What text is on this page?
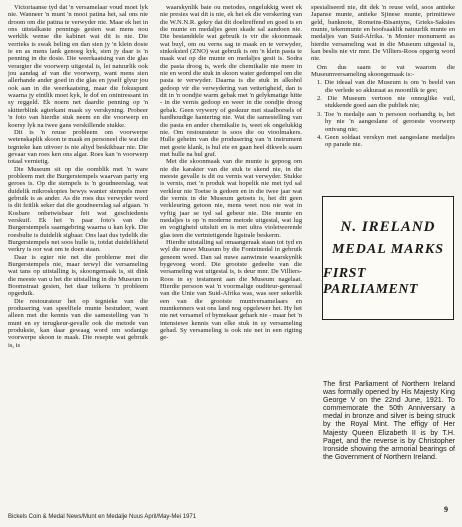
Victoriaanse tyd dat 'n versamelaar voud moet lyk nie. Wanneer 'n munt 'n mooi patina het, sal ons nie droom om die patina te verwyder nie. Maar ek het in ons uitstalkaste pennings gesien wat mens nou werklik wense die kabinet wat dit is nie. Die verrieks is swak beling en dan sien jy 'n klein dosie ie en as mens lank genoeg kyk, sien jy daar is 'n penning in die dosie. Die weerkaatsing van die glas verargter die voorwerp uitgestal is, lei natuurlik ook jou aandag af van die voorwerp, want mens sien allerhande ander goed in die glas en jyself glyur jou ook aan in die weerkaatsing, maar die fokuspunt waarna jy eintlik moet kyk, le dof en onintressant in sy reggeld. Ek noem net daardie penning op 'n skitterblink agterkant maak sy verskyning. Probeer 'n foto van hierdie stuk neem en die voorwerp en koersy lyk na twee gans verskillende stukke.

Dit is 'n reuse probleem om voorwerpe wetenskaplik skoon te maak en personeel die wat die tegnieke kan uitvoer is nie altyd beskikbaar nie. Die gevaar van roes ken ons algar. Roes kan 'n voorwerp totaal vernietig.

Die Museum sit op die oomblik met 'n ware probleem met die Burgerstempels waarvan party erg geroes is. Op die stempels is 'n goudneerslag, wat duidelik mikroskopies bewys wanter stempels meer gebruik is as ander. As die roes dus verwyder word is dit feitlik seker dat die goudneerslag sal afgaan. 'n Kosbare onbetwisbaar feit wat geschiedenis verskuif. Ek het 'n paar foto's van die Burgerstempels saamgebring waarna u kan kyk. Die roesbulte is duidelik sigbaar. Ons laat dus tydelik die Burgerstempels net soos hulle is, totdat duidelikheid verkry is oor wat om te doen staan.

Daar is egter nie net die probleme met die Burgerstempels nie, maar terwyl die versameling wat tans op uitstalling is, skoongemaak is, sit dink die meeste van u het die uitstalling in die Museum in Boomstraat gesien, het daar telkens 'n probleem opgeduik.

Die restourateur het op tegnieke van die produsering van speelfiele munte bestudeer, want alleen met die kennis van die samestelling van 'n munt en sy terugkeur-gevalle ook die metode van produksie, kan daar gewaag word om sodanige voorwerpe skoon te maak. Die resepte wat gebruik is, is

waarskynlik baie ou metodes, ongelukkig weet ek nie presies wat dit is nie, ek het ek die verskering van die W.N.N.R. gekry dat dit doeltreffend en goed is en die munte en medaljes geen skade sal aandoen nie. Die bestanddele wat gebruik is vir die skoonmaak wat buyl, om ou verns sag te maak en te verwyder, sinkoksied (ZNO) wat gebruik is om 'n klein pasta te maak wat op die munte en medaljes gesit is. Sodra die pasta droog is, werk die chemikalie nie meer in nie en word die stuk in skoon water gedompel om die pasta te verwyder. Daarna is die stuk in alkohol gedoop vir die verwydering van vetterigheid, dan is dit in 'n oondjie warm gebak met 'n gelykmatige hitte - in die vernis gedoop en weer in die oondjie droog gebak. Geen vrywery of geskuur met staalborsels of hardhoudige hantering nie. Wat die samestelling van die pasta en ander chemikalie is, weet ek ongelukkig nie. Om restourateur is soos die ou vioolmakers. Hulle geheim van die produsering van 'n instrument met goeie klank, is hul eie en gaan heel dikwels saam met hulle na hul graf.

Met die skoonmaak van die munte is gepoog om nie die karakter van die stuk te skend nie, in die meeste gevalle is dit ou vernis wat verwyder. Stukke is vernis, met 'n produk wat hopelik nie met tyd sal verkleur nie Toetse is gedoen en in die twee jaar wat die vernis in die Museum getoets is, het dit geen verkleuring getoon nie, mens weet nou nie wat in vyftig jaar se tyd sal gebeur nie. Die munte en medaljes is op 'n moderne metode uitgestal, wat lug en vogtigheid uitsluit en is met ultra violetwerende glas teen die vertnietigende ligstrale beskerm.

Hierdie uitstalling sal omaangeraak staan tot tyd en wyl die nuwe Museum by die Fonteinedal in gebruik geneem word. Dan sal nuwe aanwinste waarskynlik bygevoeg word. Die grootste gedeelte van die versameling wat uitgestal is, is deur mnr. De Villiers-Roos in sy testament aan die Museum nagelaat. Hierdie persoon wat 'n voormalige ouditeur-generaal van die Unie van Suid-Afrika was, was seer sekerlik een van die grootste muntversamelaars en muntkenners wat ons land nog opgelewer het. Hy het nie net versamel of bymekaar gehark nie - maar het 'n intensiewe kennis van elke stuk in sy versameling gehad. Sy versameling is ook nie net in een rigting ge-

spesialiseerd nie, dit dek 'n reuse veld, soos antieke Japanse munte, antieke Sjinese munte, primitiewe geld, banknote, Romeins-Bisantyns, Grieks-Saksies munte, tekenmunte en hoofsaaklik natuurlik munte en medaljes van Suid-Afrika. 'n Monier monument as hierdie versameling wat in die Museum uitgestal is, kan beslis nie vir mnr. De Villiers-Roos opgerig word nie.

Om dus saam te vat waarom die Museumversameling skoongemaak is:-

1. Die ideaal van die Museum is om 'n beeld van die verlede so akkuraat as moontlik te gee;

2. Die Museum vertoon nie onnoglike vuil, stukkende goed aan die publiek nie;

3. Toe 'n medalje aan 'n persoon oorhandig is, het hy nie 'n aangeslane of geroeste voorwerp ontvang nie;

4. Geen soldaat verskyn met aangeslane medaljes op parade nie.

N. IRELAND
MEDAL MARKS
FIRST PARLIAMENT
The first Parliament of Northern Ireland was formally opened by His Majesty King George V on the 22nd June, 1921. To commemorate the 50th Anniversary a medal in bronze and silver is being struck by the Royal Mint. The effigy of Her Majesty Queen Elizabeth II is by T.H. Paget, and the reverse is by Christopher Ironside showing the armorial bearings of the Government of Northern Ireland.
Bickels Coin & Medal News/Munt en Medalje Nuus April/May-Mei 1971
9
